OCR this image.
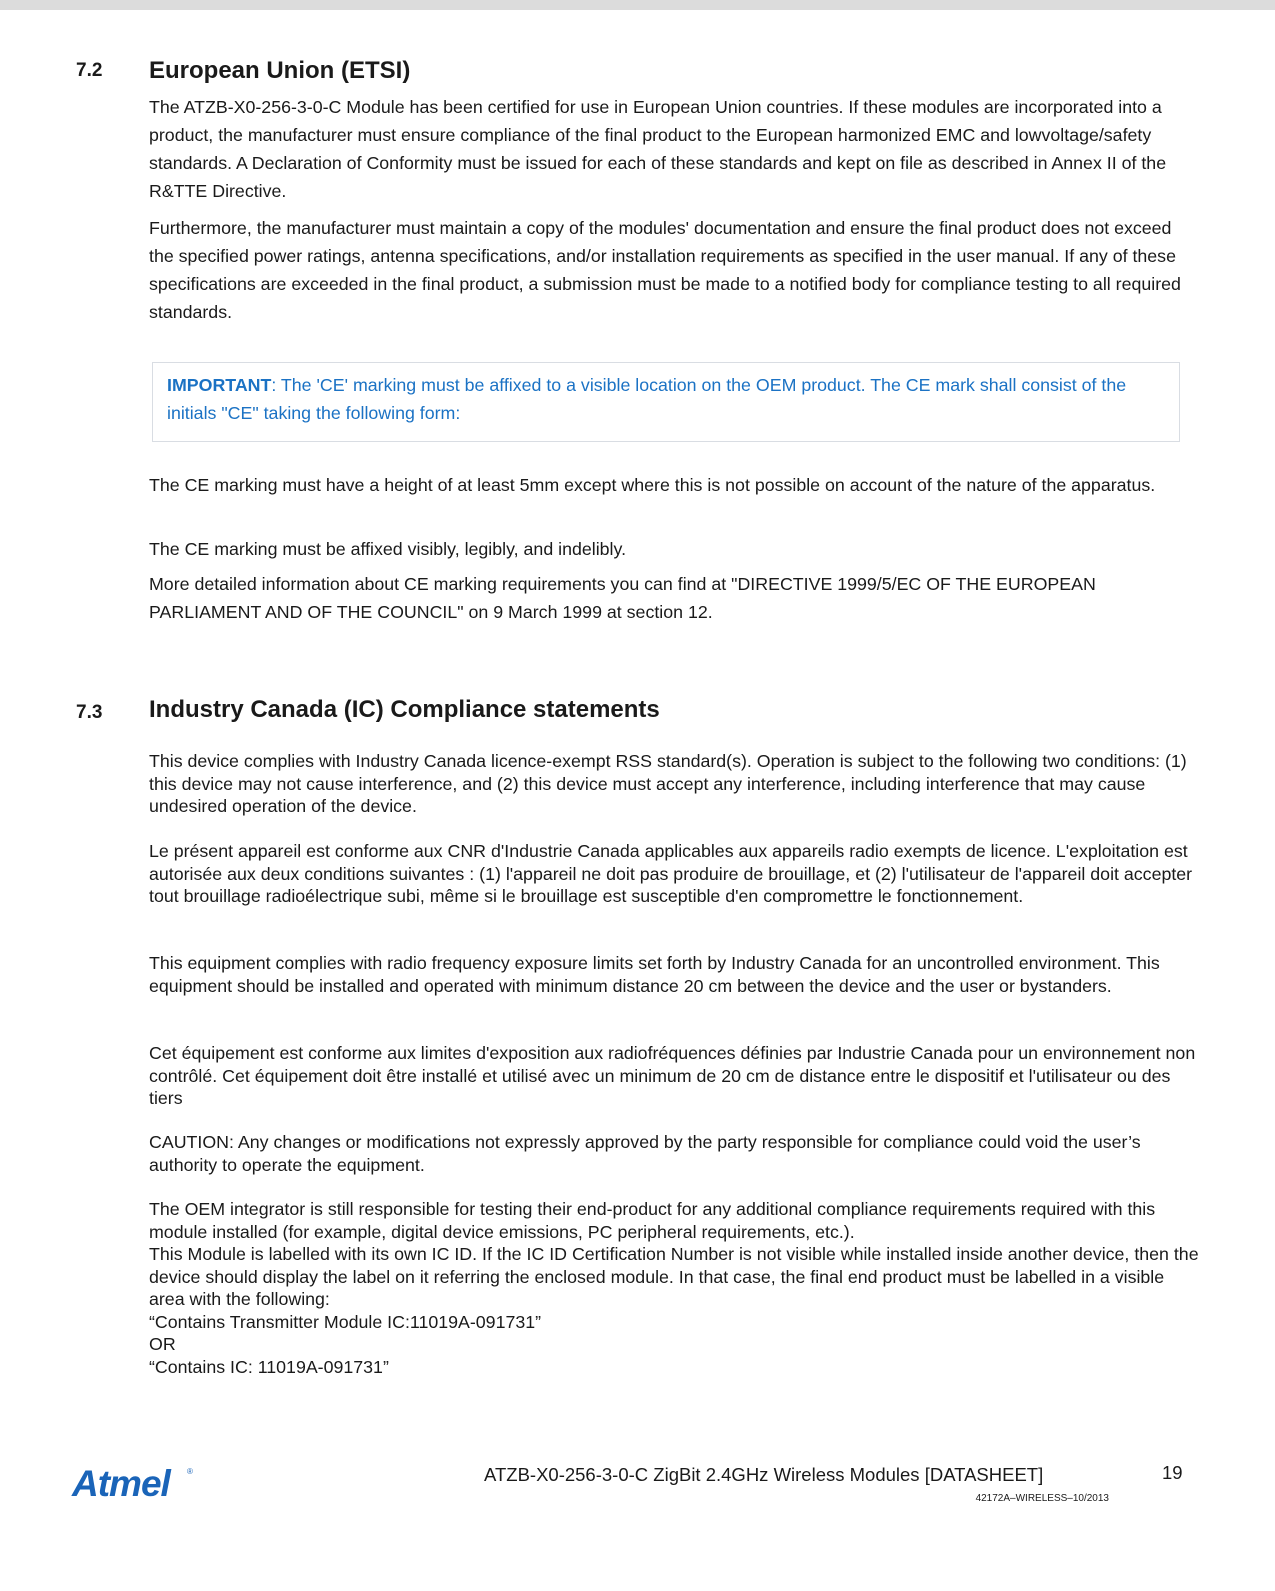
7.2 European Union (ETSI)
The ATZB-X0-256-3-0-C Module has been certified for use in European Union countries. If these modules are incorporated into a product, the manufacturer must ensure compliance of the final product to the European harmonized EMC and lowvoltage/safety standards. A Declaration of Conformity must be issued for each of these standards and kept on file as described in Annex II of the R&TTE Directive.
Furthermore, the manufacturer must maintain a copy of the modules' documentation and ensure the final product does not exceed the specified power ratings, antenna specifications, and/or installation requirements as specified in the user manual. If any of these specifications are exceeded in the final product, a submission must be made to a notified body for compliance testing to all required standards.
IMPORTANT: The 'CE' marking must be affixed to a visible location on the OEM product. The CE mark shall consist of the initials "CE" taking the following form:
The CE marking must have a height of at least 5mm except where this is not possible on account of the nature of the apparatus.
The CE marking must be affixed visibly, legibly, and indelibly.
More detailed information about CE marking requirements you can find at "DIRECTIVE 1999/5/EC OF THE EUROPEAN PARLIAMENT AND OF THE COUNCIL" on 9 March 1999 at section 12.
7.3 Industry Canada (IC) Compliance statements

This device complies with Industry Canada licence-exempt RSS standard(s). Operation is subject to the following two conditions: (1) this device may not cause interference, and (2) this device must accept any interference, including interference that may cause undesired operation of the device.

Le présent appareil est conforme aux CNR d'Industrie Canada applicables aux appareils radio exempts de licence. L'exploitation est autorisée aux deux conditions suivantes : (1) l'appareil ne doit pas produire de brouillage, et (2) l'utilisateur de l'appareil doit accepter tout brouillage radioélectrique subi, même si le brouillage est susceptible d'en compromettre le fonctionnement.

This equipment complies with radio frequency exposure limits set forth by Industry Canada for an uncontrolled environment. This equipment should be installed and operated with minimum distance 20 cm between the device and the user or bystanders.

Cet équipement est conforme aux limites d'exposition aux radiofréquences définies par Industrie Canada pour un environnement non contrôlé. Cet équipement doit être installé et utilisé avec un minimum de 20 cm de distance entre le dispositif et l'utilisateur ou des tiers

CAUTION: Any changes or modifications not expressly approved by the party responsible for compliance could void the user’s authority to operate the equipment.

The OEM integrator is still responsible for testing their end-product for any additional compliance requirements required with this module installed (for example, digital device emissions, PC peripheral requirements, etc.).

This Module is labelled with its own IC ID. If the IC ID Certification Number is not visible while installed inside another device, then the device should display the label on it referring the enclosed module. In that case, the final end product must be labelled in a visible area with the following:

“Contains Transmitter Module IC:11019A-091731”

OR

“Contains IC: 11019A-091731”

Atmel ®	ATZB-X0-256-3-0-C ZigBit 2.4GHz Wireless Modules [DATASHEET]
42172A–WIRELESS–10/2013
19
